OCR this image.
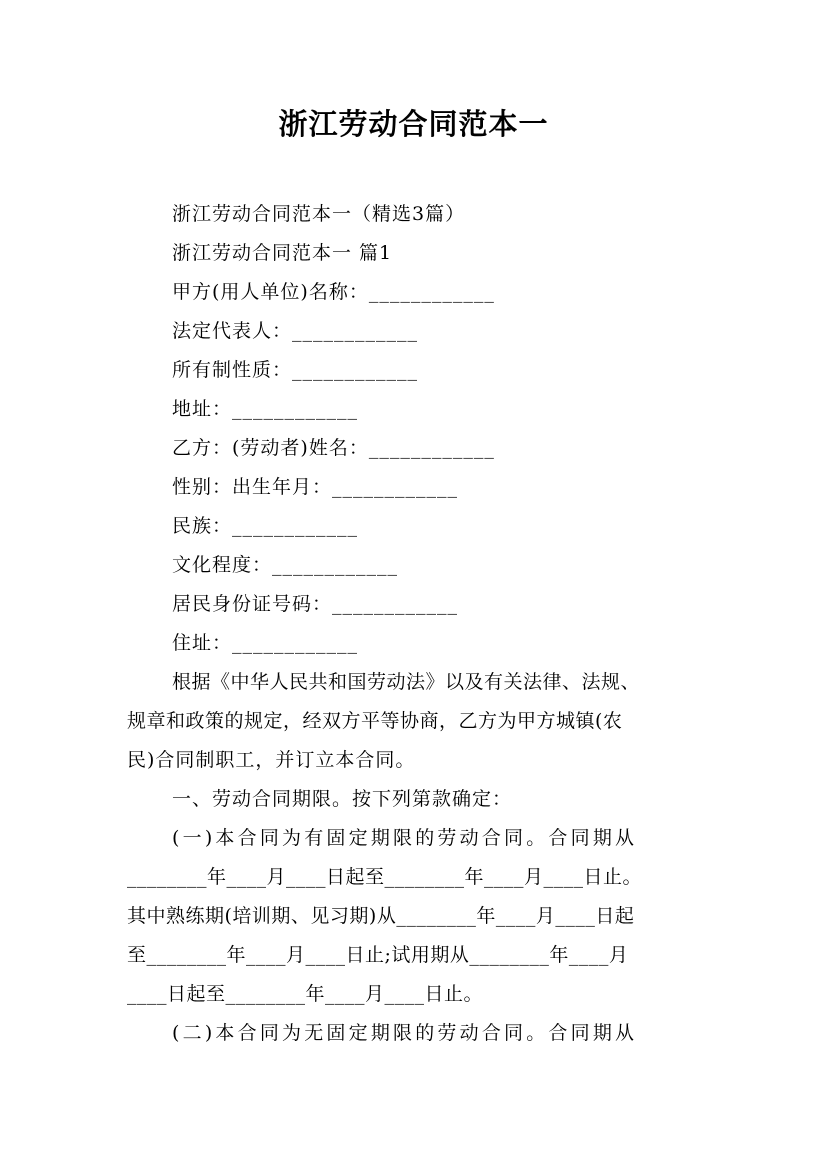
浙江劳动合同范本一
浙江劳动合同范本一（精选3篇）
浙江劳动合同范本一 篇1
甲方(用人单位)名称：____________
法定代表人：____________
所有制性质：____________
地址：____________
乙方：(劳动者)姓名：____________
性别：出生年月：____________
民族：____________
文化程度：____________
居民身份证号码：____________
住址：____________
根据《中华人民共和国劳动法》以及有关法律、法规、
规章和政策的规定，经双方平等协商，乙方为甲方城镇(农
民)合同制职工，并订立本合同。
一、劳动合同期限。按下列第款确定：
(一)本合同为有固定期限的劳动合同。合同期从
________年____月____日起至________年____月____日止。
其中熟练期(培训期、见习期)从________年____月____日起
至________年____月____日止;试用期从________年____月
____日起至________年____月____日止。
(二)本合同为无固定期限的劳动合同。合同期从
